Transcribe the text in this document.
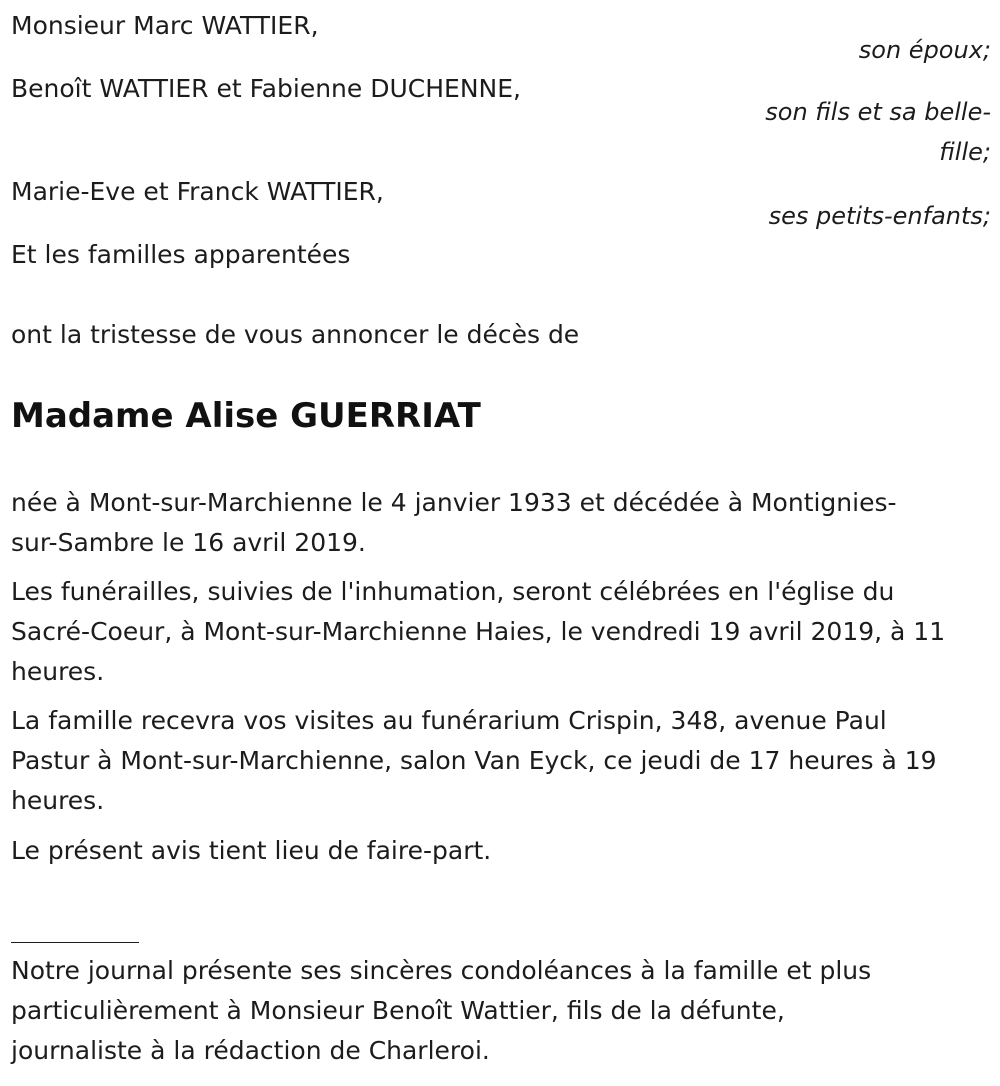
Monsieur Marc WATTIER,
son époux;
Benoît WATTIER et Fabienne DUCHENNE,
son fils et sa belle-
fille;
Marie-Eve et Franck WATTIER,
ses petits-enfants;
Et les familles apparentées
ont la tristesse de vous annoncer le décès de
Madame Alise GUERRIAT
née à Mont-sur-Marchienne le 4 janvier 1933 et décédée à Montignies-
sur-Sambre le 16 avril 2019.
Les funérailles, suivies de l'inhumation, seront célébrées en l'église du
Sacré-Coeur, à Mont-sur-Marchienne Haies, le vendredi 19 avril 2019, à 11
heures.
La famille recevra vos visites au funérarium Crispin, 348, avenue Paul
Pastur à Mont-sur-Marchienne, salon Van Eyck, ce jeudi de 17 heures à 19
heures.
Le présent avis tient lieu de faire-part.
Notre journal présente ses sincères condoléances à la famille et plus
particulièrement à Monsieur Benoît Wattier, fils de la défunte,
journaliste à la rédaction de Charleroi.
